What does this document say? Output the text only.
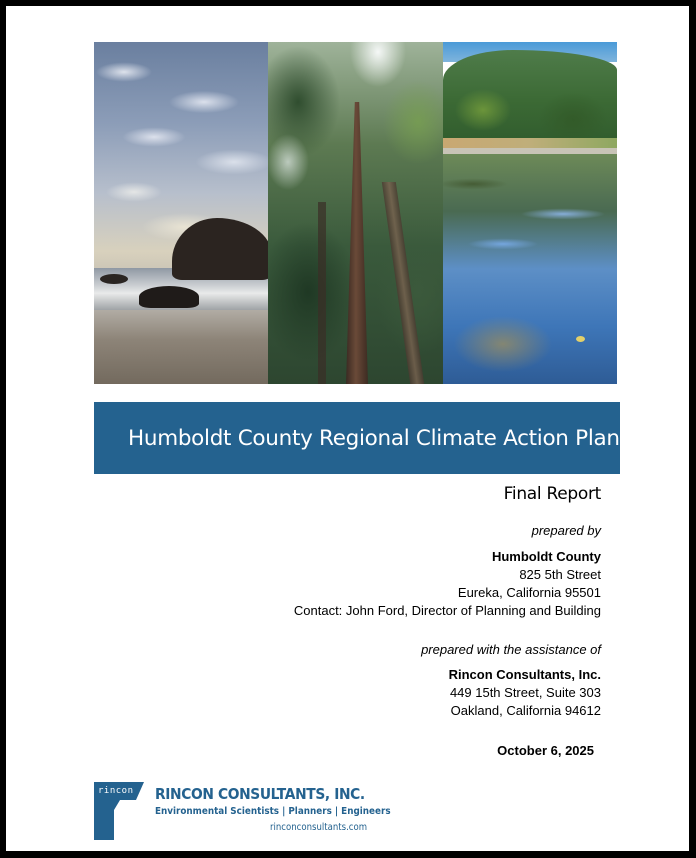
Humboldt County Regional Climate Action Plan
Final Report
prepared by
Humboldt County
825 5th Street
Eureka, California 95501
Contact: John Ford, Director of Planning and Building
prepared with the assistance of
Rincon Consultants, Inc.
449 15th Street, Suite 303
Oakland, California 94612
October 6, 2025
rincon RINCON CONSULTANTS, INC.
Environmental Scientists | Planners | Engineers
rinconconsultants.com
